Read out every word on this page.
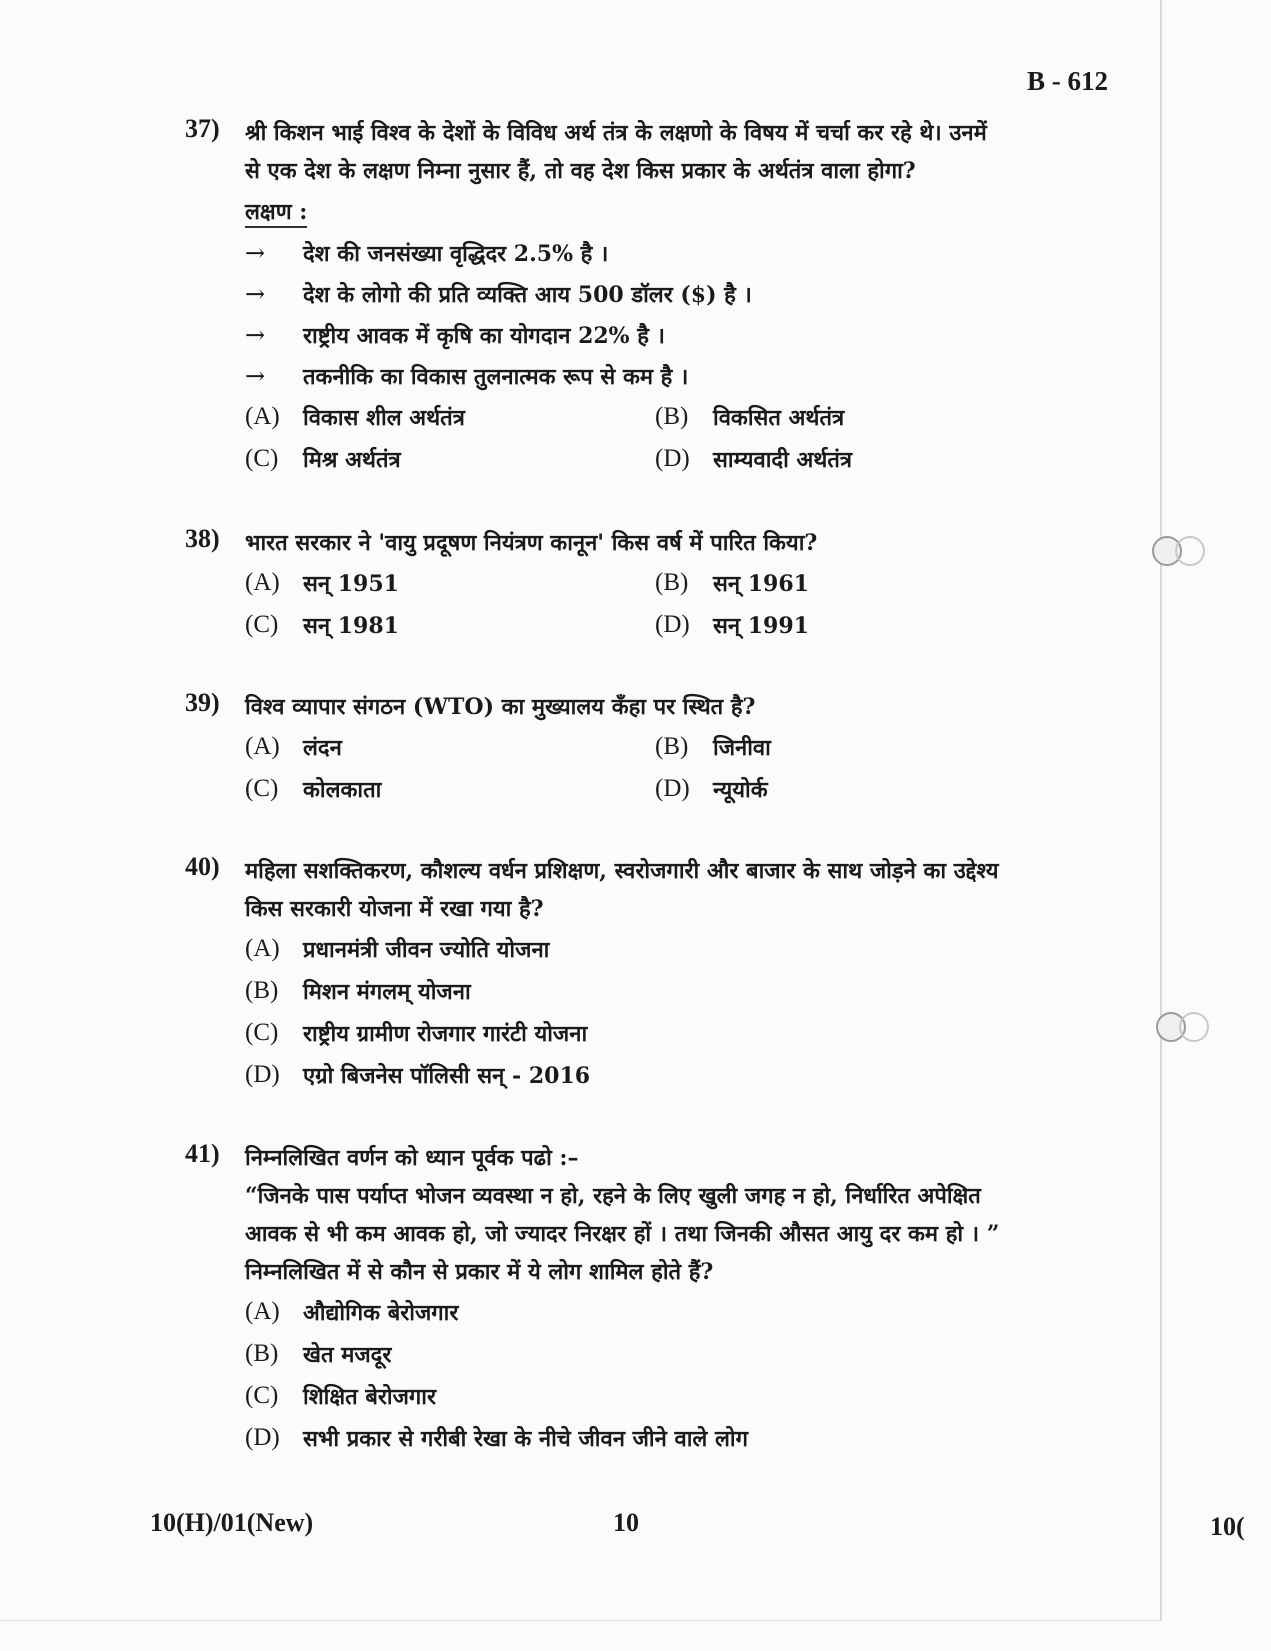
B - 612
37) श्री किशन भाई विश्व के देशों के विविध अर्थ तंत्र के लक्षणो के विषय में चर्चा कर रहे थे। उनमें
से एक देश के लक्षण निम्ना नुसार हैं, तो वह देश किस प्रकार के अर्थतंत्र वाला होगा?
लक्षण :
→	देश की जनसंख्या वृद्धिदर 2.5% है ।
→	देश के लोगो की प्रति व्यक्ति आय 500 डॉलर ($) है ।
→	राष्ट्रीय आवक में कृषि का योगदान 22% है ।
→	तकनीकि का विकास तुलनात्मक रूप से कम है ।
(A)	विकास शील अर्थतंत्र	(B)	विकसित अर्थतंत्र
(C)	मिश्र अर्थतंत्र	(D)	साम्यवादी अर्थतंत्र
38) भारत सरकार ने 'वायु प्रदूषण नियंत्रण कानून' किस वर्ष में पारित किया?
(A)	सन् 1951	(B)	सन् 1961
(C)	सन् 1981	(D)	सन् 1991
39) विश्व व्यापार संगठन (WTO) का मुख्यालय कँहा पर स्थित है?
(A)	लंदन	(B)	जिनीवा
(C)	कोलकाता	(D)	न्यूयोर्क
40) महिला सशक्तिकरण, कौशल्य वर्धन प्रशिक्षण, स्वरोजगारी और बाजार के साथ जोड़ने का उद्देश्य
किस सरकारी योजना में रखा गया है?
(A)	प्रधानमंत्री जीवन ज्योति योजना
(B)	मिशन मंगलम् योजना
(C)	राष्ट्रीय ग्रामीण रोजगार गारंटी योजना
(D)	एग्रो बिजनेस पॉलिसी सन् - 2016
41) निम्नलिखित वर्णन को ध्यान पूर्वक पढो :–
“जिनके पास पर्याप्त भोजन व्यवस्था न हो, रहने के लिए खुली जगह न हो, निर्धारित अपेक्षित
आवक से भी कम आवक हो, जो ज्यादर निरक्षर हों । तथा जिनकी औसत आयु दर कम हो । ”
निम्नलिखित में से कौन से प्रकार में ये लोग शामिल होते हैं?
(A)	औद्योगिक बेरोजगार
(B)	खेत मजदूर
(C)	शिक्षित बेरोजगार
(D)	सभी प्रकार से गरीबी रेखा के नीचे जीवन जीने वाले लोग
10(H)/01(New)	10	10(
